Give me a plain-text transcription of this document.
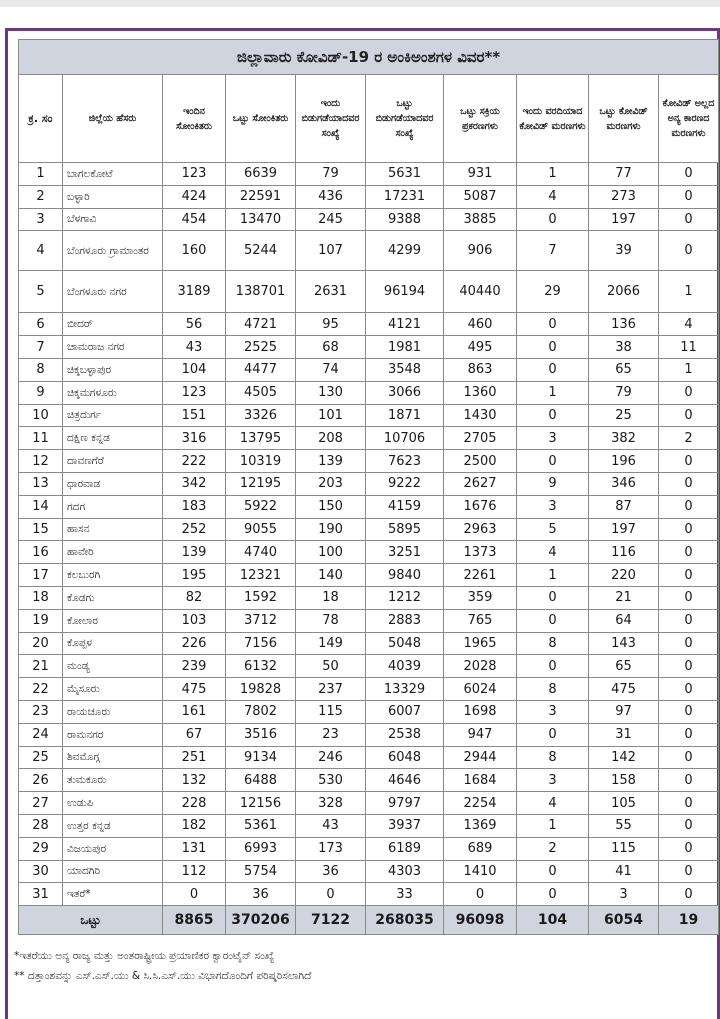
ಜಿಲ್ಲಾವಾರು ಕೋವಿಡ್-19 ರ ಅಂಕಿಅಂಶಗಳ ವಿವರ**									
ಕ್ರ. ಸಂ	ಜಿಲ್ಲೆಯ ಹೆಸರು	ಇಂದಿನ ಸೋಂಕಿತರು	ಒಟ್ಟು ಸೋಂಕಿತರು	ಇಂದು ಬಿಡುಗಡೆಯಾದವರ ಸಂಖ್ಯೆ	ಒಟ್ಟು ಬಿಡುಗಡೆಯಾದವರ ಸಂಖ್ಯೆ	ಒಟ್ಟು ಸಕ್ರಿಯ ಪ್ರಕರಣಗಳು	ಇಂದು ವರದಿಯಾದ ಕೋವಿಡ್ ಮರಣಗಳು	ಒಟ್ಟು ಕೋವಿಡ್ ಮರಣಗಳು	ಕೋವಿಡ್ ಅಲ್ಲದ ಅನ್ಯ ಕಾರಣದ ಮರಣಗಳು
1	ಬಾಗಲಕೋಟೆ	123	6639	79	5631	931	1	77	0
2	ಬಳ್ಳಾರಿ	424	22591	436	17231	5087	4	273	0
3	ಬೆಳಗಾವಿ	454	13470	245	9388	3885	0	197	0
4	ಬೆಂಗಳೂರು ಗ್ರಾಮಾಂತರ	160	5244	107	4299	906	7	39	0
5	ಬೆಂಗಳೂರು ನಗರ	3189	138701	2631	96194	40440	29	2066	1
6	ಬೀದರ್	56	4721	95	4121	460	0	136	4
7	ಚಾಮರಾಜ ನಗರ	43	2525	68	1981	495	0	38	11
8	ಚಿಕ್ಕಬಳ್ಳಾಪುರ	104	4477	74	3548	863	0	65	1
9	ಚಿಕ್ಕಮಗಳೂರು	123	4505	130	3066	1360	1	79	0
10	ಚಿತ್ರದುರ್ಗ	151	3326	101	1871	1430	0	25	0
11	ದಕ್ಷಿಣ ಕನ್ನಡ	316	13795	208	10706	2705	3	382	2
12	ದಾವಣಗೆರೆ	222	10319	139	7623	2500	0	196	0
13	ಧಾರವಾಡ	342	12195	203	9222	2627	9	346	0
14	ಗದಗ	183	5922	150	4159	1676	3	87	0
15	ಹಾಸನ	252	9055	190	5895	2963	5	197	0
16	ಹಾವೇರಿ	139	4740	100	3251	1373	4	116	0
17	ಕಲಬುರಗಿ	195	12321	140	9840	2261	1	220	0
18	ಕೊಡಗು	82	1592	18	1212	359	0	21	0
19	ಕೋಲಾರ	103	3712	78	2883	765	0	64	0
20	ಕೊಪ್ಪಳ	226	7156	149	5048	1965	8	143	0
21	ಮಂಡ್ಯ	239	6132	50	4039	2028	0	65	0
22	ಮೈಸೂರು	475	19828	237	13329	6024	8	475	0
23	ರಾಯಚೂರು	161	7802	115	6007	1698	3	97	0
24	ರಾಮನಗರ	67	3516	23	2538	947	0	31	0
25	ಶಿವಮೊಗ್ಗ	251	9134	246	6048	2944	8	142	0
26	ತುಮಕೂರು	132	6488	530	4646	1684	3	158	0
27	ಉಡುಪಿ	228	12156	328	9797	2254	4	105	0
28	ಉತ್ತರ ಕನ್ನಡ	182	5361	43	3937	1369	1	55	0
29	ವಿಜಯಪುರ	131	6993	173	6189	689	2	115	0
30	ಯಾದಗಿರಿ	112	5754	36	4303	1410	0	41	0
31	ಇತರೆ*	0	36	0	33	0	0	3	0
ಒಟ್ಟು		8865	370206	7122	268035	96098	104	6054	19
*ಇತರೆಯು ಅನ್ಯ ರಾಜ್ಯ ಮತ್ತು ಅಂತರಾಷ್ಟ್ರೀಯ ಪ್ರಯಾಣಿಕರ ಕ್ವಾರಂಟೈನ್ ಸಂಖ್ಯೆ
** ದತ್ತಾಂಶವನ್ನು ಎಸ್.ಎಸ್.ಯು & ಸಿ.ಸಿ.ಎಸ್.ಯು ವಿಭಾಗದೊಂದಿಗೆ ಪರಿಷ್ಕರಿಸಲಾಗಿದೆ
